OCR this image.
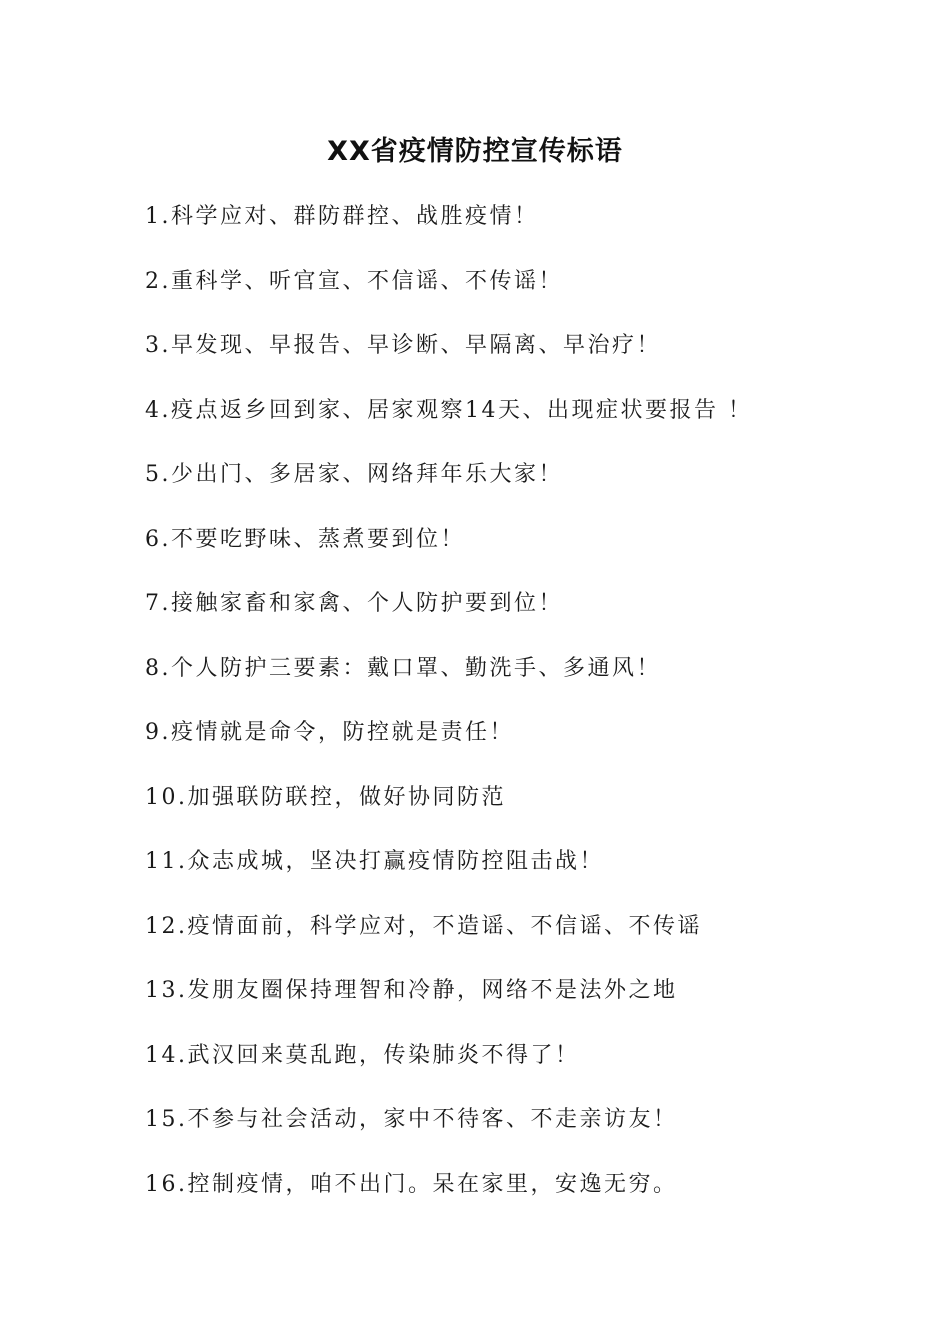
XX省疫情防控宣传标语
1.科学应对、群防群控、战胜疫情！
2.重科学、听官宣、不信谣、不传谣！
3.早发现、早报告、早诊断、早隔离、早治疗！
4.疫点返乡回到家、居家观察14天、出现症状要报告 ！
5.少出门、多居家、网络拜年乐大家！
6.不要吃野味、蒸煮要到位！
7.接触家畜和家禽、个人防护要到位！
8.个人防护三要素：戴口罩、勤洗手、多通风！
9.疫情就是命令，防控就是责任！
10.加强联防联控，做好协同防范
11.众志成城，坚决打赢疫情防控阻击战！
12.疫情面前，科学应对，不造谣、不信谣、不传谣
13.发朋友圈保持理智和冷静，网络不是法外之地
14.武汉回来莫乱跑，传染肺炎不得了！
15.不参与社会活动，家中不待客、不走亲访友！
16.控制疫情，咱不出门。呆在家里，安逸无穷。
